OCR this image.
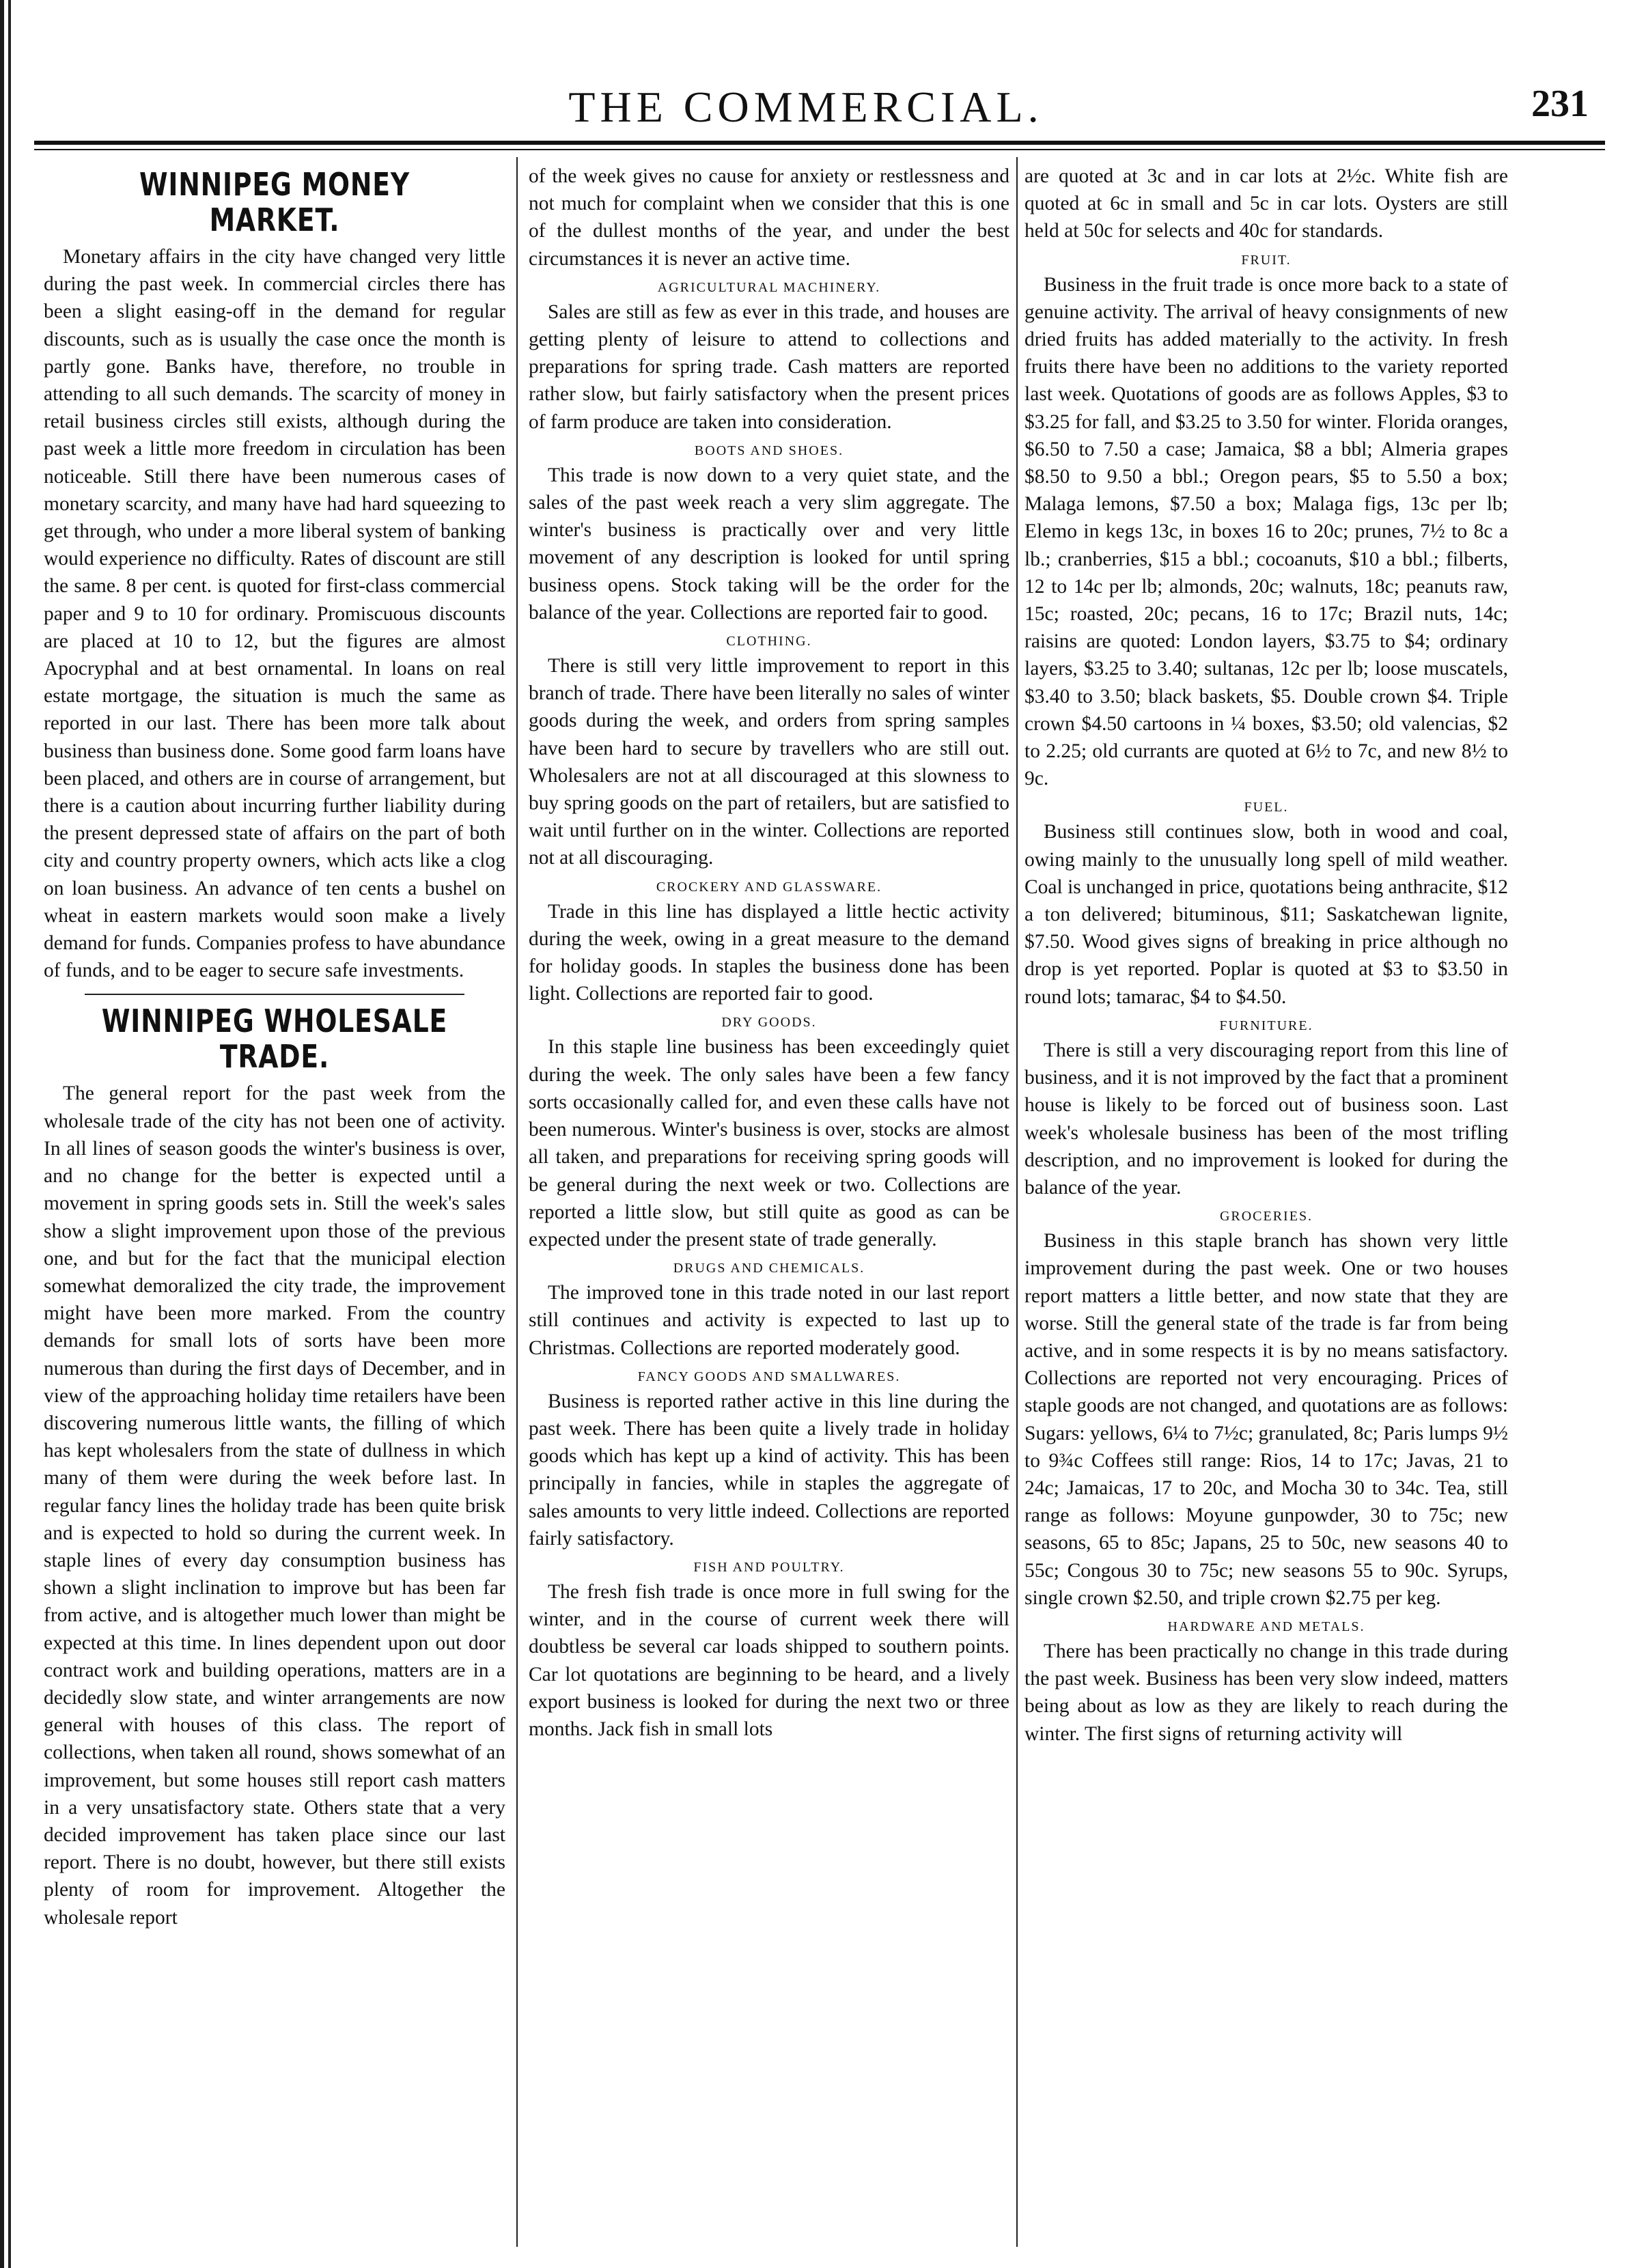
THE COMMERCIAL.	231
WINNIPEG MONEY MARKET.

Monetary affairs in the city have changed very little during the past week. In commercial circles there has been a slight easing-off in the demand for regular discounts, such as is usually the case once the month is partly gone. Banks have, therefore, no trouble in attending to all such demands. The scarcity of money in retail business circles still exists, although during the past week a little more freedom in circulation has been noticeable. Still there have been numerous cases of monetary scarcity, and many have had hard squeezing to get through, who under a more liberal system of banking would experience no difficulty. Rates of discount are still the same. 8 per cent. is quoted for first-class commercial paper and 9 to 10 for ordinary. Promiscuous discounts are placed at 10 to 12, but the figures are almost Apocryphal and at best ornamental. In loans on real estate mortgage, the situation is much the same as reported in our last. There has been more talk about business than business done. Some good farm loans have been placed, and others are in course of arrangement, but there is a caution about incurring further liability during the present depressed state of affairs on the part of both city and country property owners, which acts like a clog on loan business. An advance of ten cents a bushel on wheat in eastern markets would soon make a lively demand for funds. Companies profess to have abundance of funds, and to be eager to secure safe investments.

WINNIPEG WHOLESALE TRADE.

The general report for the past week from the wholesale trade of the city has not been one of activity. In all lines of season goods the winter's business is over, and no change for the better is expected until a movement in spring goods sets in. Still the week's sales show a slight improvement upon those of the previous one, and but for the fact that the municipal election somewhat demoralized the city trade, the improvement might have been more marked. From the country demands for small lots of sorts have been more numerous than during the first days of December, and in view of the approaching holiday time retailers have been discovering numerous little wants, the filling of which has kept wholesalers from the state of dullness in which many of them were during the week before last. In regular fancy lines the holiday trade has been quite brisk and is expected to hold so during the current week. In staple lines of every day consumption business has shown a slight inclination to improve but has been far from active, and is altogether much lower than might be expected at this time. In lines dependent upon out door contract work and building operations, matters are in a decidedly slow state, and winter arrangements are now general with houses of this class. The report of collections, when taken all round, shows somewhat of an improvement, but some houses still report cash matters in a very unsatisfactory state. Others state that a very decided improvement has taken place since our last report. There is no doubt, however, but there still exists plenty of room for improvement. Altogether the wholesale report

of the week gives no cause for anxiety or restlessness and not much for complaint when we consider that this is one of the dullest months of the year, and under the best circumstances it is never an active time.

AGRICULTURAL MACHINERY.

Sales are still as few as ever in this trade, and houses are getting plenty of leisure to attend to collections and preparations for spring trade. Cash matters are reported rather slow, but fairly satisfactory when the present prices of farm produce are taken into consideration.

BOOTS AND SHOES.

This trade is now down to a very quiet state, and the sales of the past week reach a very slim aggregate. The winter's business is practically over and very little movement of any description is looked for until spring business opens. Stock taking will be the order for the balance of the year. Collections are reported fair to good.

CLOTHING.

There is still very little improvement to report in this branch of trade. There have been literally no sales of winter goods during the week, and orders from spring samples have been hard to secure by travellers who are still out. Wholesalers are not at all discouraged at this slowness to buy spring goods on the part of retailers, but are satisfied to wait until further on in the winter. Collections are reported not at all discouraging.

CROCKERY AND GLASSWARE.

Trade in this line has displayed a little hectic activity during the week, owing in a great measure to the demand for holiday goods. In staples the business done has been light. Collections are reported fair to good.

DRY GOODS.

In this staple line business has been exceedingly quiet during the week. The only sales have been a few fancy sorts occasionally called for, and even these calls have not been numerous. Winter's business is over, stocks are almost all taken, and preparations for receiving spring goods will be general during the next week or two. Collections are reported a little slow, but still quite as good as can be expected under the present state of trade generally.

DRUGS AND CHEMICALS.

The improved tone in this trade noted in our last report still continues and activity is expected to last up to Christmas. Collections are reported moderately good.

FANCY GOODS AND SMALLWARES.

Business is reported rather active in this line during the past week. There has been quite a lively trade in holiday goods which has kept up a kind of activity. This has been principally in fancies, while in staples the aggregate of sales amounts to very little indeed. Collections are reported fairly satisfactory.

FISH AND POULTRY.

The fresh fish trade is once more in full swing for the winter, and in the course of current week there will doubtless be several car loads shipped to southern points. Car lot quotations are beginning to be heard, and a lively export business is looked for during the next two or three months. Jack fish in small lots

are quoted at 3c and in car lots at 2½c. White fish are quoted at 6c in small and 5c in car lots. Oysters are still held at 50c for selects and 40c for standards.

FRUIT.

Business in the fruit trade is once more back to a state of genuine activity. The arrival of heavy consignments of new dried fruits has added materially to the activity. In fresh fruits there have been no additions to the variety reported last week. Quotations of goods are as follows Apples, $3 to $3.25 for fall, and $3.25 to 3.50 for winter. Florida oranges, $6.50 to 7.50 a case; Jamaica, $8 a bbl; Almeria grapes $8.50 to 9.50 a bbl.; Oregon pears, $5 to 5.50 a box; Malaga lemons, $7.50 a box; Malaga figs, 13c per lb; Elemo in kegs 13c, in boxes 16 to 20c; prunes, 7½ to 8c a lb.; cranberries, $15 a bbl.; cocoanuts, $10 a bbl.; filberts, 12 to 14c per lb; almonds, 20c; walnuts, 18c; peanuts raw, 15c; roasted, 20c; pecans, 16 to 17c; Brazil nuts, 14c; raisins are quoted: London layers, $3.75 to $4; ordinary layers, $3.25 to 3.40; sultanas, 12c per lb; loose muscatels, $3.40 to 3.50; black baskets, $5. Double crown $4. Triple crown $4.50 cartoons in ¼ boxes, $3.50; old valencias, $2 to 2.25; old currants are quoted at 6½ to 7c, and new 8½ to 9c.

FUEL.

Business still continues slow, both in wood and coal, owing mainly to the unusually long spell of mild weather. Coal is unchanged in price, quotations being anthracite, $12 a ton delivered; bituminous, $11; Saskatchewan lignite, $7.50. Wood gives signs of breaking in price although no drop is yet reported. Poplar is quoted at $3 to $3.50 in round lots; tamarac, $4 to $4.50.

FURNITURE.

There is still a very discouraging report from this line of business, and it is not improved by the fact that a prominent house is likely to be forced out of business soon. Last week's wholesale business has been of the most trifling description, and no improvement is looked for during the balance of the year.

GROCERIES.

Business in this staple branch has shown very little improvement during the past week. One or two houses report matters a little better, and now state that they are worse. Still the general state of the trade is far from being active, and in some respects it is by no means satisfactory. Collections are reported not very encouraging. Prices of staple goods are not changed, and quotations are as follows: Sugars: yellows, 6¼ to 7½c; granulated, 8c; Paris lumps 9½ to 9¾c Coffees still range: Rios, 14 to 17c; Javas, 21 to 24c; Jamaicas, 17 to 20c, and Mocha 30 to 34c. Tea, still range as follows: Moyune gunpowder, 30 to 75c; new seasons, 65 to 85c; Japans, 25 to 50c, new seasons 40 to 55c; Congous 30 to 75c; new seasons 55 to 90c. Syrups, single crown $2.50, and triple crown $2.75 per keg.

HARDWARE AND METALS.

There has been practically no change in this trade during the past week. Business has been very slow indeed, matters being about as low as they are likely to reach during the winter. The first signs of returning activity will
